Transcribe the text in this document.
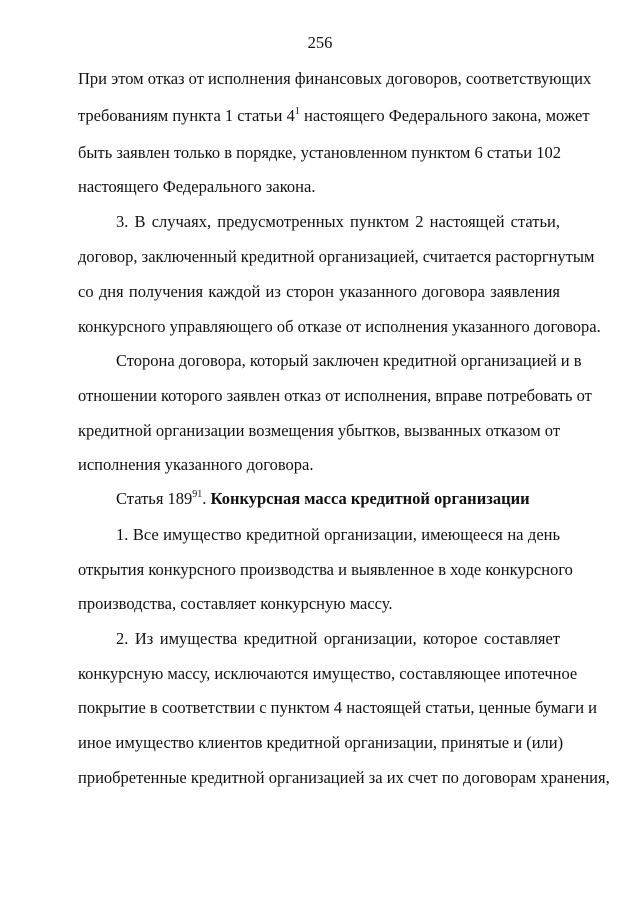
256
При этом отказ от исполнения финансовых договоров, соответствующих
требованиям пункта 1 статьи $4^1$ настоящего Федерального закона, может
быть заявлен только в порядке, установленном пунктом 6 статьи 102
настоящего Федерального закона.
3. В случаях, предусмотренных пунктом 2 настоящей статьи,
договор, заключенный кредитной организацией, считается расторгнутым
со дня получения каждой из сторон указанного договора заявления
конкурсного управляющего об отказе от исполнения указанного договора.
Сторона договора, который заключен кредитной организацией и в
отношении которого заявлен отказ от исполнения, вправе потребовать от
кредитной организации возмещения убытков, вызванных отказом от
исполнения указанного договора.
Статья $189^{91}$. Конкурсная масса кредитной организации
1. Все имущество кредитной организации, имеющееся на день
открытия конкурсного производства и выявленное в ходе конкурсного
производства, составляет конкурсную массу.
2. Из имущества кредитной организации, которое составляет
конкурсную массу, исключаются имущество, составляющее ипотечное
покрытие в соответствии с пунктом 4 настоящей статьи, ценные бумаги и
иное имущество клиентов кредитной организации, принятые и (или)
приобретенные кредитной организацией за их счет по договорам хранения,
